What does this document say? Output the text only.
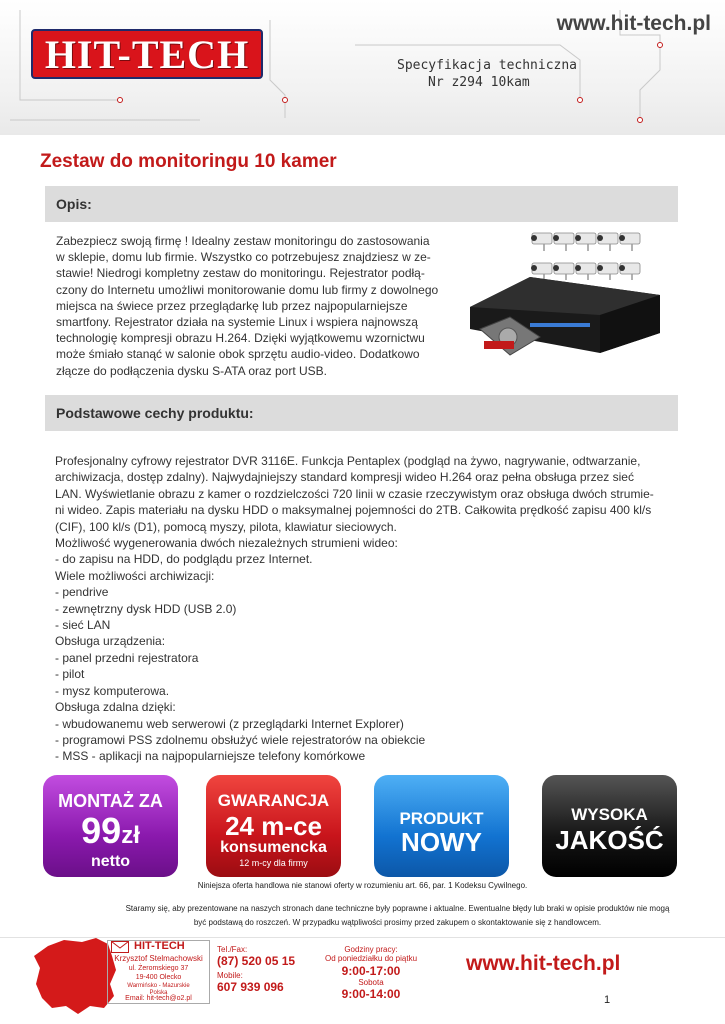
HIT-TECH
www.hit-tech.pl
Specyfikacja techniczna
Nr z294 10kam
Zestaw do monitoringu 10 kamer
Opis:
Zabezpiecz swoją firmę ! Idealny zestaw monitoringu do zastosowania
w sklepie, domu lub firmie. Wszystko co potrzebujesz znajdziesz w ze-
stawie! Niedrogi kompletny zestaw do monitoringu. Rejestrator podłą-
czony do Internetu umożliwi monitorowanie domu lub firmy z dowolnego
miejsca na świece przez przeglądarkę lub przez najpopularniejsze
smartfony. Rejestrator działa na systemie Linux i wspiera najnowszą
technologię kompresji obrazu H.264. Dzięki wyjątkowemu wzornictwu
może śmiało stanąć w salonie obok sprzętu audio-video. Dodatkowo
złącze do podłączenia dysku S-ATA oraz port USB.
Podstawowe cechy produktu:
Profesjonalny cyfrowy rejestrator DVR 3116E. Funkcja Pentaplex (podgląd na żywo, nagrywanie, odtwarzanie,
archiwizacja, dostęp zdalny). Najwydajniejszy standard kompresji wideo H.264 oraz pełna obsługa przez sieć
LAN. Wyświetlanie obrazu z kamer o rozdzielczości 720 linii w czasie rzeczywistym oraz obsługa dwóch strumie-
ni wideo. Zapis materiału na dysku HDD o maksymalnej pojemności do 2TB. Całkowita prędkość zapisu 400 kl/s
(CIF), 100 kl/s (D1), pomocą myszy, pilota, klawiatur sieciowych.
Możliwość wygenerowania dwóch niezależnych strumieni wideo:
- do zapisu na HDD, do podglądu przez Internet.
Wiele możliwości archiwizacji:
- pendrive
- zewnętrzny dysk HDD (USB 2.0)
- sieć LAN
Obsługa urządzenia:
- panel przedni rejestratora
- pilot
- mysz komputerowa.
Obsługa zdalna dzięki:
- wbudowanemu web serwerowi (z przeglądarki Internet Explorer)
- programowi PSS zdolnemu obsłużyć wiele rejestratorów na obiekcie
- MSS - aplikacji na najpopularniejsze telefony komórkowe
MONTAŻ ZA
99zł
netto
GWARANCJA
24 m-ce
konsumencka
12 m-cy dla firmy
PRODUKT
NOWY
WYSOKA
JAKOŚĆ
Niniejsza oferta handlowa nie stanowi oferty w rozumieniu art. 66, par. 1 Kodeksu Cywilnego.
Staramy się, aby prezentowane na naszych stronach dane techniczne były poprawne i aktualne. Ewentualne błędy lub braki w opisie produktów nie mogą
być podstawą do roszczeń. W przypadku wątpliwości prosimy przed zakupem o skontaktowanie się z handlowcem.
HIT-TECH
Krzysztof Stelmachowski
ul. Żeromskiego 37
19-400 Olecko
Warmińsko - Mazurskie
Polska
Email: hit-tech@o2.pl
Tel./Fax:
(87) 520 05 15
Mobile:
607 939 096
Godziny pracy:
Od poniedziałku do piątku
9:00-17:00
Sobota
9:00-14:00
www.hit-tech.pl
1
